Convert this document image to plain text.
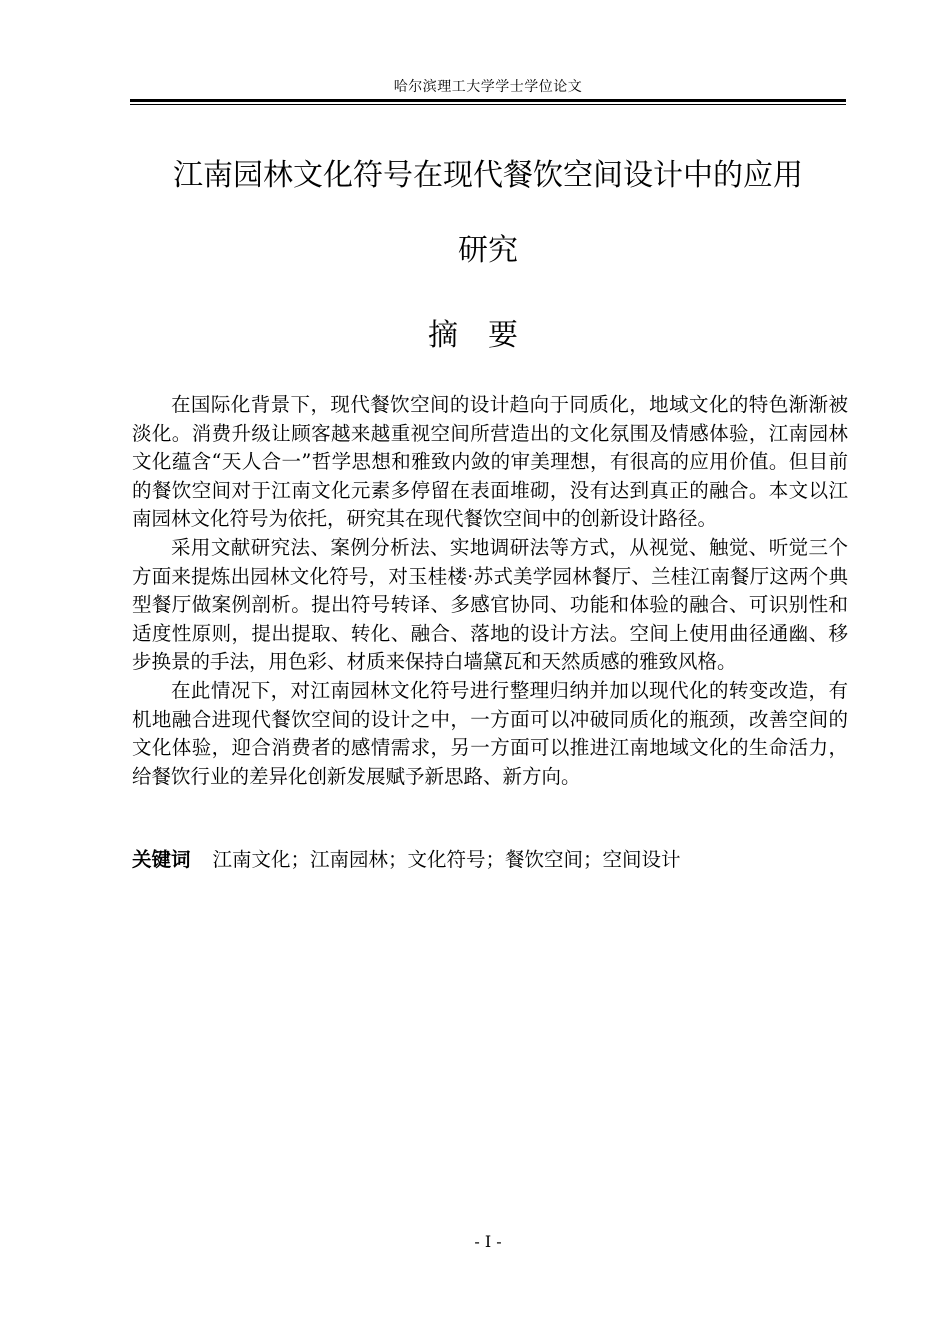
哈尔滨理工大学学士学位论文
江南园林文化符号在现代餐饮空间设计中的应用
研究
摘要

在国际化背景下，现代餐饮空间的设计趋向于同质化，地域文化的特色渐渐被淡化。消费升级让顾客越来越重视空间所营造出的文化氛围及情感体验，江南园林文化蕴含“天人合一”哲学思想和雅致内敛的审美理想，有很高的应用价值。但目前的餐饮空间对于江南文化元素多停留在表面堆砌，没有达到真正的融合。本文以江南园林文化符号为依托，研究其在现代餐饮空间中的创新设计路径。

采用文献研究法、案例分析法、实地调研法等方式，从视觉、触觉、听觉三个方面来提炼出园林文化符号，对玉桂楼·苏式美学园林餐厅、兰桂江南餐厅这两个典型餐厅做案例剖析。提出符号转译、多感官协同、功能和体验的融合、可识别性和适度性原则，提出提取、转化、融合、落地的设计方法。空间上使用曲径通幽、移步换景的手法，用色彩、材质来保持白墙黛瓦和天然质感的雅致风格。

在此情况下，对江南园林文化符号进行整理归纳并加以现代化的转变改造，有机地融合进现代餐饮空间的设计之中，一方面可以冲破同质化的瓶颈，改善空间的文化体验，迎合消费者的感情需求，另一方面可以推进江南地域文化的生命活力，给餐饮行业的差异化创新发展赋予新思路、新方向。

关键词 江南文化；江南园林；文化符号；餐饮空间；空间设计
- I -
